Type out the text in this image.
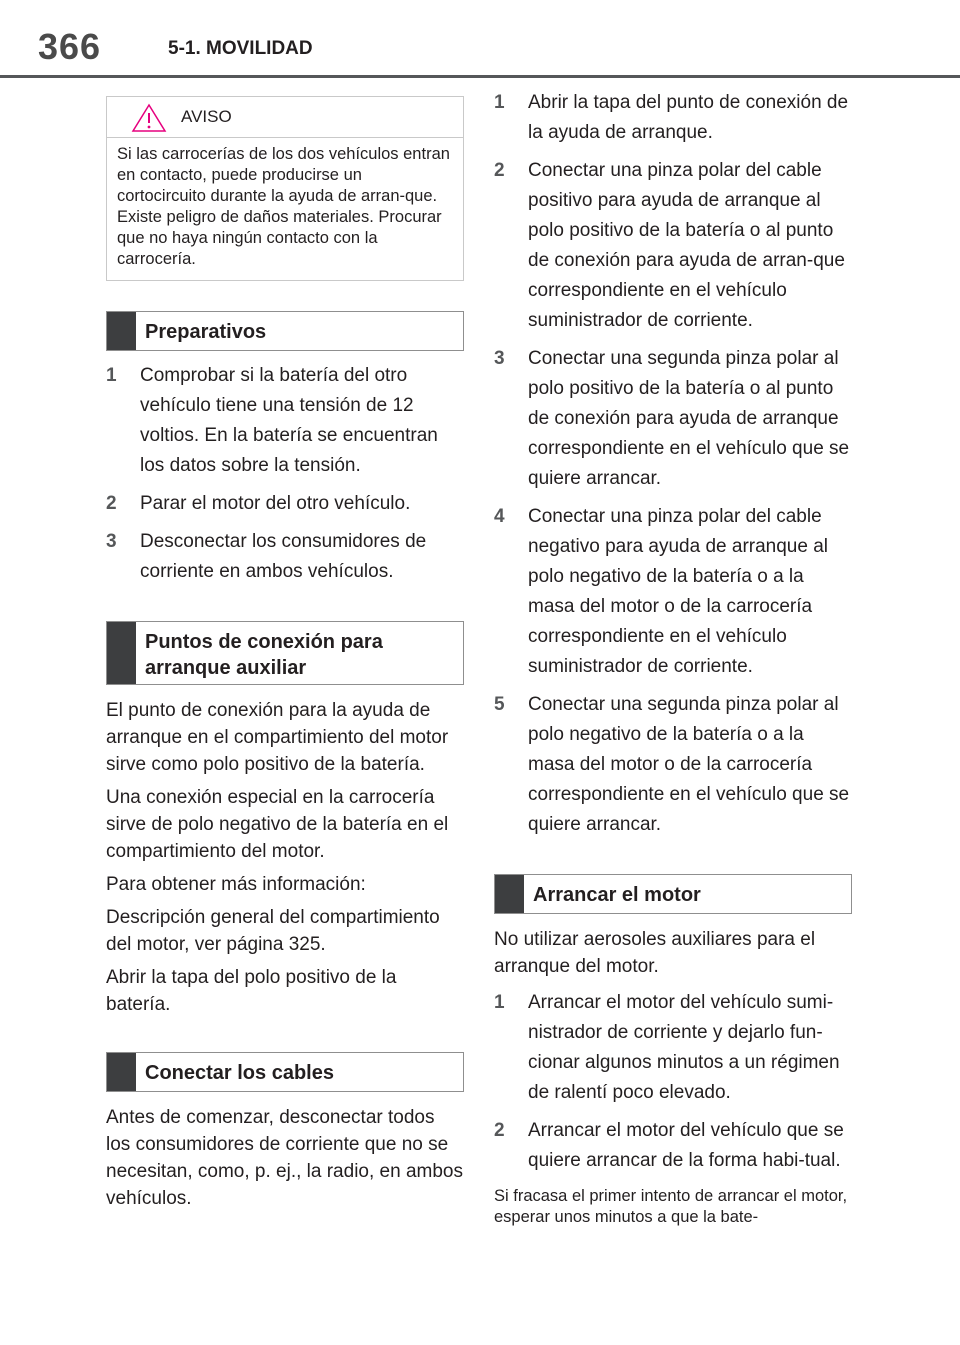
366	5-1. MOVILIDAD
AVISO
Si las carrocerías de los dos vehículos entran en contacto, puede producirse un cortocircuito durante la ayuda de arran-que. Existe peligro de daños materiales. Procurar que no haya ningún contacto con la carrocería.
Preparativos
1 Comprobar si la batería del otro vehículo tiene una tensión de 12 voltios. En la batería se encuentran los datos sobre la tensión.
2 Parar el motor del otro vehículo.
3 Desconectar los consumidores de corriente en ambos vehículos.
Puntos de conexión para arranque auxiliar
El punto de conexión para la ayuda de arranque en el compartimiento del motor sirve como polo positivo de la batería.
Una conexión especial en la carrocería sirve de polo negativo de la batería en el compartimiento del motor.
Para obtener más información:
Descripción general del compartimiento del motor, ver página 325.
Abrir la tapa del polo positivo de la batería.
Conectar los cables
Antes de comenzar, desconectar todos los consumidores de corriente que no se necesitan, como, p. ej., la radio, en ambos vehículos.
1 Abrir la tapa del punto de conexión de la ayuda de arranque.
2 Conectar una pinza polar del cable positivo para ayuda de arranque al polo positivo de la batería o al punto de conexión para ayuda de arran-que correspondiente en el vehículo suministrador de corriente.
3 Conectar una segunda pinza polar al polo positivo de la batería o al punto de conexión para ayuda de arranque correspondiente en el vehículo que se quiere arrancar.
4 Conectar una pinza polar del cable negativo para ayuda de arranque al polo negativo de la batería o a la masa del motor o de la carrocería correspondiente en el vehículo suministrador de corriente.
5 Conectar una segunda pinza polar al polo negativo de la batería o a la masa del motor o de la carrocería correspondiente en el vehículo que se quiere arrancar.
Arrancar el motor
No utilizar aerosoles auxiliares para el arranque del motor.
1 Arrancar el motor del vehículo sumi-nistrador de corriente y dejarlo fun-cionar algunos minutos a un régimen de ralentí poco elevado.
2 Arrancar el motor del vehículo que se quiere arrancar de la forma habi-tual.
Si fracasa el primer intento de arrancar el motor, esperar unos minutos a que la bate-
